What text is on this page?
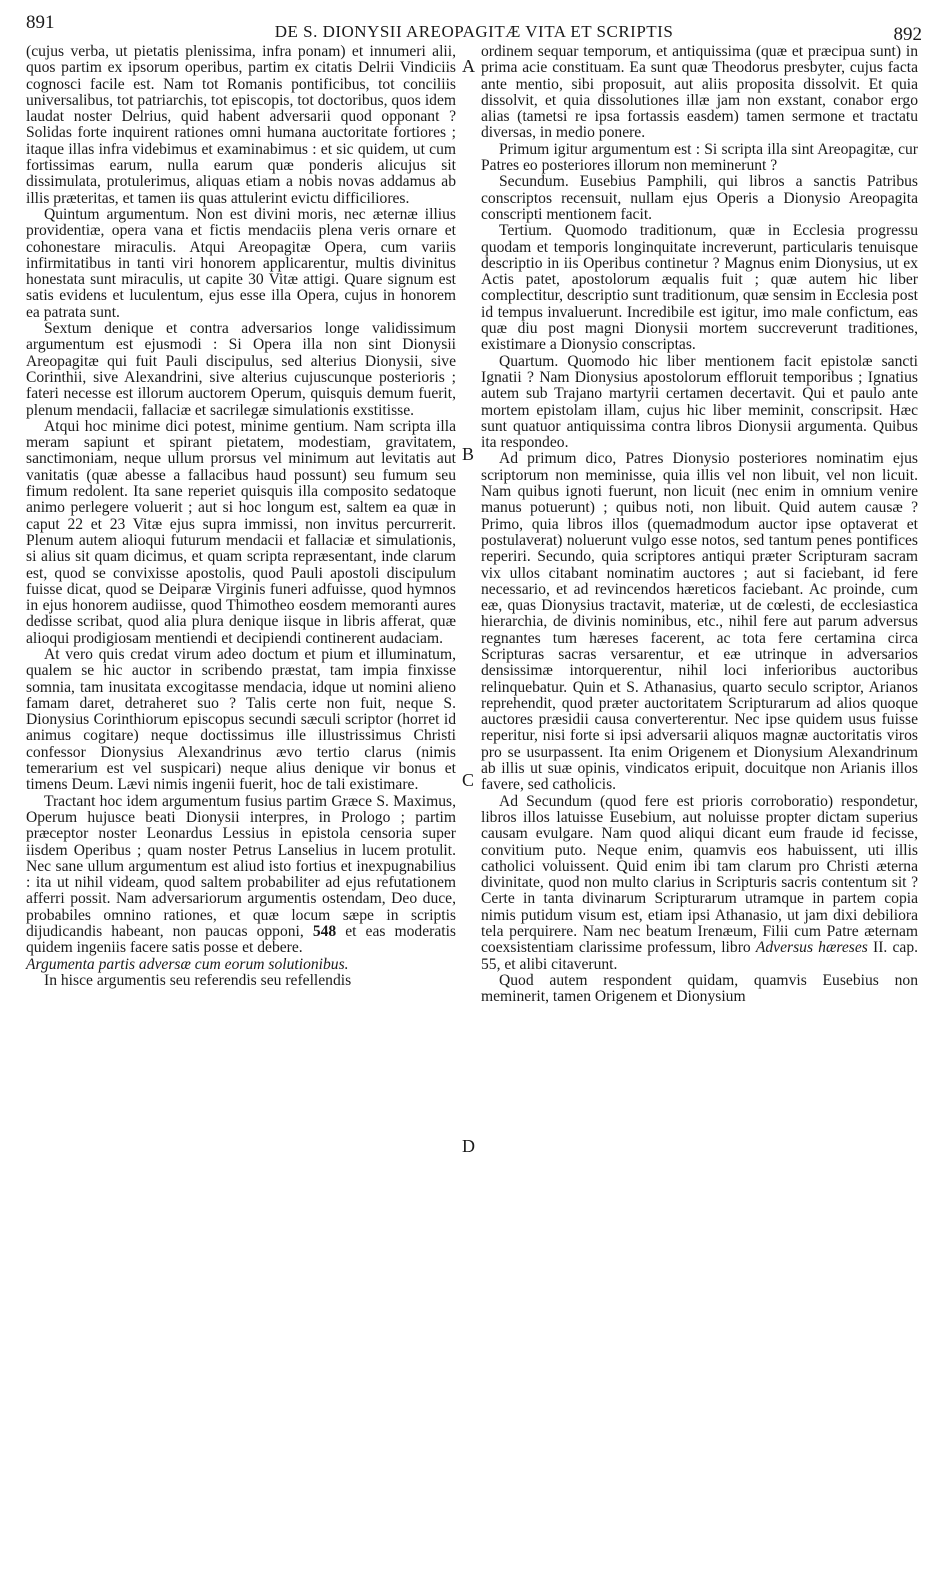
891	DE S. DIONYSII AREOPAGITÆ VITA ET SCRIPTIS	892
A
B
C
D

(cujus verba, ut pietatis plenissima, infra ponam) et innumeri alii, quos partim ex ipsorum operibus, partim ex citatis Delrii Vindiciis cognosci facile est. Nam tot Romanis pontificibus, tot conciliis universalibus, tot patriarchis, tot episcopis, tot doctoribus, quos idem laudat noster Delrius, quid habent adversarii quod opponant ? Solidas forte inquirent rationes omni humana auctoritate fortiores ; itaque illas infra videbimus et examinabimus : et sic quidem, ut cum fortissimas earum, nulla earum quæ ponderis alicujus sit dissimulata, protulerimus, aliquas etiam a nobis novas addamus ab illis præteritas, et tamen iis quas attulerint evictu difficiliores.

Quintum argumentum. Non est divini moris, nec æternæ illius providentiæ, opera vana et fictis mendaciis plena veris ornare et cohonestare miraculis. Atqui Areopagitæ Opera, cum variis infirmitatibus in tanti viri honorem applicarentur, multis divinitus honestata sunt miraculis, ut capite 30 Vitæ attigi. Quare signum est satis evidens et luculentum, ejus esse illa Opera, cujus in honorem ea patrata sunt.

Sextum denique et contra adversarios longe validissimum argumentum est ejusmodi : Si Opera illa non sint Dionysii Areopagitæ qui fuit Pauli discipulus, sed alterius Dionysii, sive Corinthii, sive Alexandrini, sive alterius cujuscunque posterioris ; fateri necesse est illorum auctorem Operum, quisquis demum fuerit, plenum mendacii, fallaciæ et sacrilegæ simulationis exstitisse.

Atqui hoc minime dici potest, minime gentium. Nam scripta illa meram sapiunt et spirant pietatem, modestiam, gravitatem, sanctimoniam, neque ullum prorsus vel minimum aut levitatis aut vanitatis (quæ abesse a fallacibus haud possunt) seu fumum seu fimum redolent. Ita sane reperiet quisquis illa composito sedatoque animo perlegere voluerit ; aut si hoc longum est, saltem ea quæ in caput 22 et 23 Vitæ ejus supra immissi, non invitus percurrerit. Plenum autem alioqui futurum mendacii et fallaciæ et simulationis, si alius sit quam dicimus, et quam scripta repræsentant, inde clarum est, quod se convixisse apostolis, quod Pauli apostoli discipulum fuisse dicat, quod se Deiparæ Virginis funeri adfuisse, quod hymnos in ejus honorem audiisse, quod Thimotheo eosdem memoranti aures dedisse scribat, quod alia plura denique iisque in libris afferat, quæ alioqui prodigiosam mentiendi et decipiendi continerent audaciam.

At vero quis credat virum adeo doctum et pium et illuminatum, qualem se hic auctor in scribendo præstat, tam impia finxisse somnia, tam inusitata excogitasse mendacia, idque ut nomini alieno famam daret, detraheret suo ? Talis certe non fuit, neque S. Dionysius Corinthiorum episcopus secundi sæculi scriptor (horret id animus cogitare) neque doctissimus ille illustrissimus Christi confessor Dionysius Alexandrinus ævo tertio clarus (nimis temerarium est vel suspicari) neque alius denique vir bonus et timens Deum. Lævi nimis ingenii fuerit, hoc de tali existimare.

Tractant hoc idem argumentum fusius partim Græce S. Maximus, Operum hujusce beati Dionysii interpres, in Prologo ; partim præceptor noster Leonardus Lessius in epistola censoria super iisdem Operibus ; quam noster Petrus Lanselius in lucem protulit. Nec sane ullum argumentum est aliud isto fortius et inexpugnabilius : ita ut nihil videam, quod saltem probabiliter ad ejus refutationem afferri possit. Nam adversariorum argumentis ostendam, Deo duce, probabiles omnino rationes, et quæ locum sæpe in scriptis dijudicandis habeant, non paucas opponi, 548 et eas moderatis quidem ingeniis facere satis posse et debere.

Argumenta partis adversæ cum eorum solutionibus.

In hisce argumentis seu referendis seu refellendis

ordinem sequar temporum, et antiquissima (quæ et præcipua sunt) in prima acie constituam. Ea sunt quæ Theodorus presbyter, cujus facta ante mentio, sibi proposuit, aut aliis proposita dissolvit. Et quia dissolvit, et quia dissolutiones illæ jam non exstant, conabor ergo alias (tametsi re ipsa fortassis easdem) tamen sermone et tractatu diversas, in medio ponere.

Primum igitur argumentum est : Si scripta illa sint Areopagitæ, cur Patres eo posteriores illorum non meminerunt ?

Secundum. Eusebius Pamphili, qui libros a sanctis Patribus conscriptos recensuit, nullam ejus Operis a Dionysio Areopagita conscripti mentionem facit.

Tertium. Quomodo traditionum, quæ in Ecclesia progressu quodam et temporis longinquitate increverunt, particularis tenuisque descriptio in iis Operibus continetur ? Magnus enim Dionysius, ut ex Actis patet, apostolorum æqualis fuit ; quæ autem hic liber complectitur, descriptio sunt traditionum, quæ sensim in Ecclesia post id tempus invaluerunt. Incredibile est igitur, imo male confictum, eas quæ diu post magni Dionysii mortem succreverunt traditiones, existimare a Dionysio conscriptas.

Quartum. Quomodo hic liber mentionem facit epistolæ sancti Ignatii ? Nam Dionysius apostolorum effloruit temporibus ; Ignatius autem sub Trajano martyrii certamen decertavit. Qui et paulo ante mortem epistolam illam, cujus hic liber meminit, conscripsit. Hæc sunt quatuor antiquissima contra libros Dionysii argumenta. Quibus ita respondeo.

Ad primum dico, Patres Dionysio posteriores nominatim ejus scriptorum non meminisse, quia illis vel non libuit, vel non licuit. Nam quibus ignoti fuerunt, non licuit (nec enim in omnium venire manus potuerunt) ; quibus noti, non libuit. Quid autem causæ ? Primo, quia libros illos (quemadmodum auctor ipse optaverat et postulaverat) noluerunt vulgo esse notos, sed tantum penes pontifices reperiri. Secundo, quia scriptores antiqui præter Scripturam sacram vix ullos citabant nominatim auctores ; aut si faciebant, id fere necessario, et ad revincendos hæreticos faciebant. Ac proinde, cum eæ, quas Dionysius tractavit, materiæ, ut de cœlesti, de ecclesiastica hierarchia, de divinis nominibus, etc., nihil fere aut parum adversus regnantes tum hæreses facerent, ac tota fere certamina circa Scripturas sacras versarentur, et eæ utrinque in adversarios densissimæ intorquerentur, nihil loci inferioribus auctoribus relinquebatur. Quin et S. Athanasius, quarto seculo scriptor, Arianos reprehendit, quod præter auctoritatem Scripturarum ad alios quoque auctores præsidii causa converterentur. Nec ipse quidem usus fuisse reperitur, nisi forte si ipsi adversarii aliquos magnæ auctoritatis viros pro se usurpassent. Ita enim Origenem et Dionysium Alexandrinum ab illis ut suæ opinis, vindicatos eripuit, docuitque non Arianis illos favere, sed catholicis.

Ad Secundum (quod fere est prioris corroboratio) respondetur, libros illos latuisse Eusebium, aut noluisse propter dictam superius causam evulgare. Nam quod aliqui dicant eum fraude id fecisse, convitium puto. Neque enim, quamvis eos habuissent, uti illis catholici voluissent. Quid enim ibi tam clarum pro Christi æterna divinitate, quod non multo clarius in Scripturis sacris contentum sit ? Certe in tanta divinarum Scripturarum utramque in partem copia nimis putidum visum est, etiam ipsi Athanasio, ut jam dixi debiliora tela perquirere. Nam nec beatum Irenæum, Filii cum Patre æternam coexsistentiam clarissime professum, libro Adversus hæreses II. cap. 55, et alibi citaverunt.

Quod autem respondent quidam, quamvis Eusebius non meminerit, tamen Origenem et Dionysium
